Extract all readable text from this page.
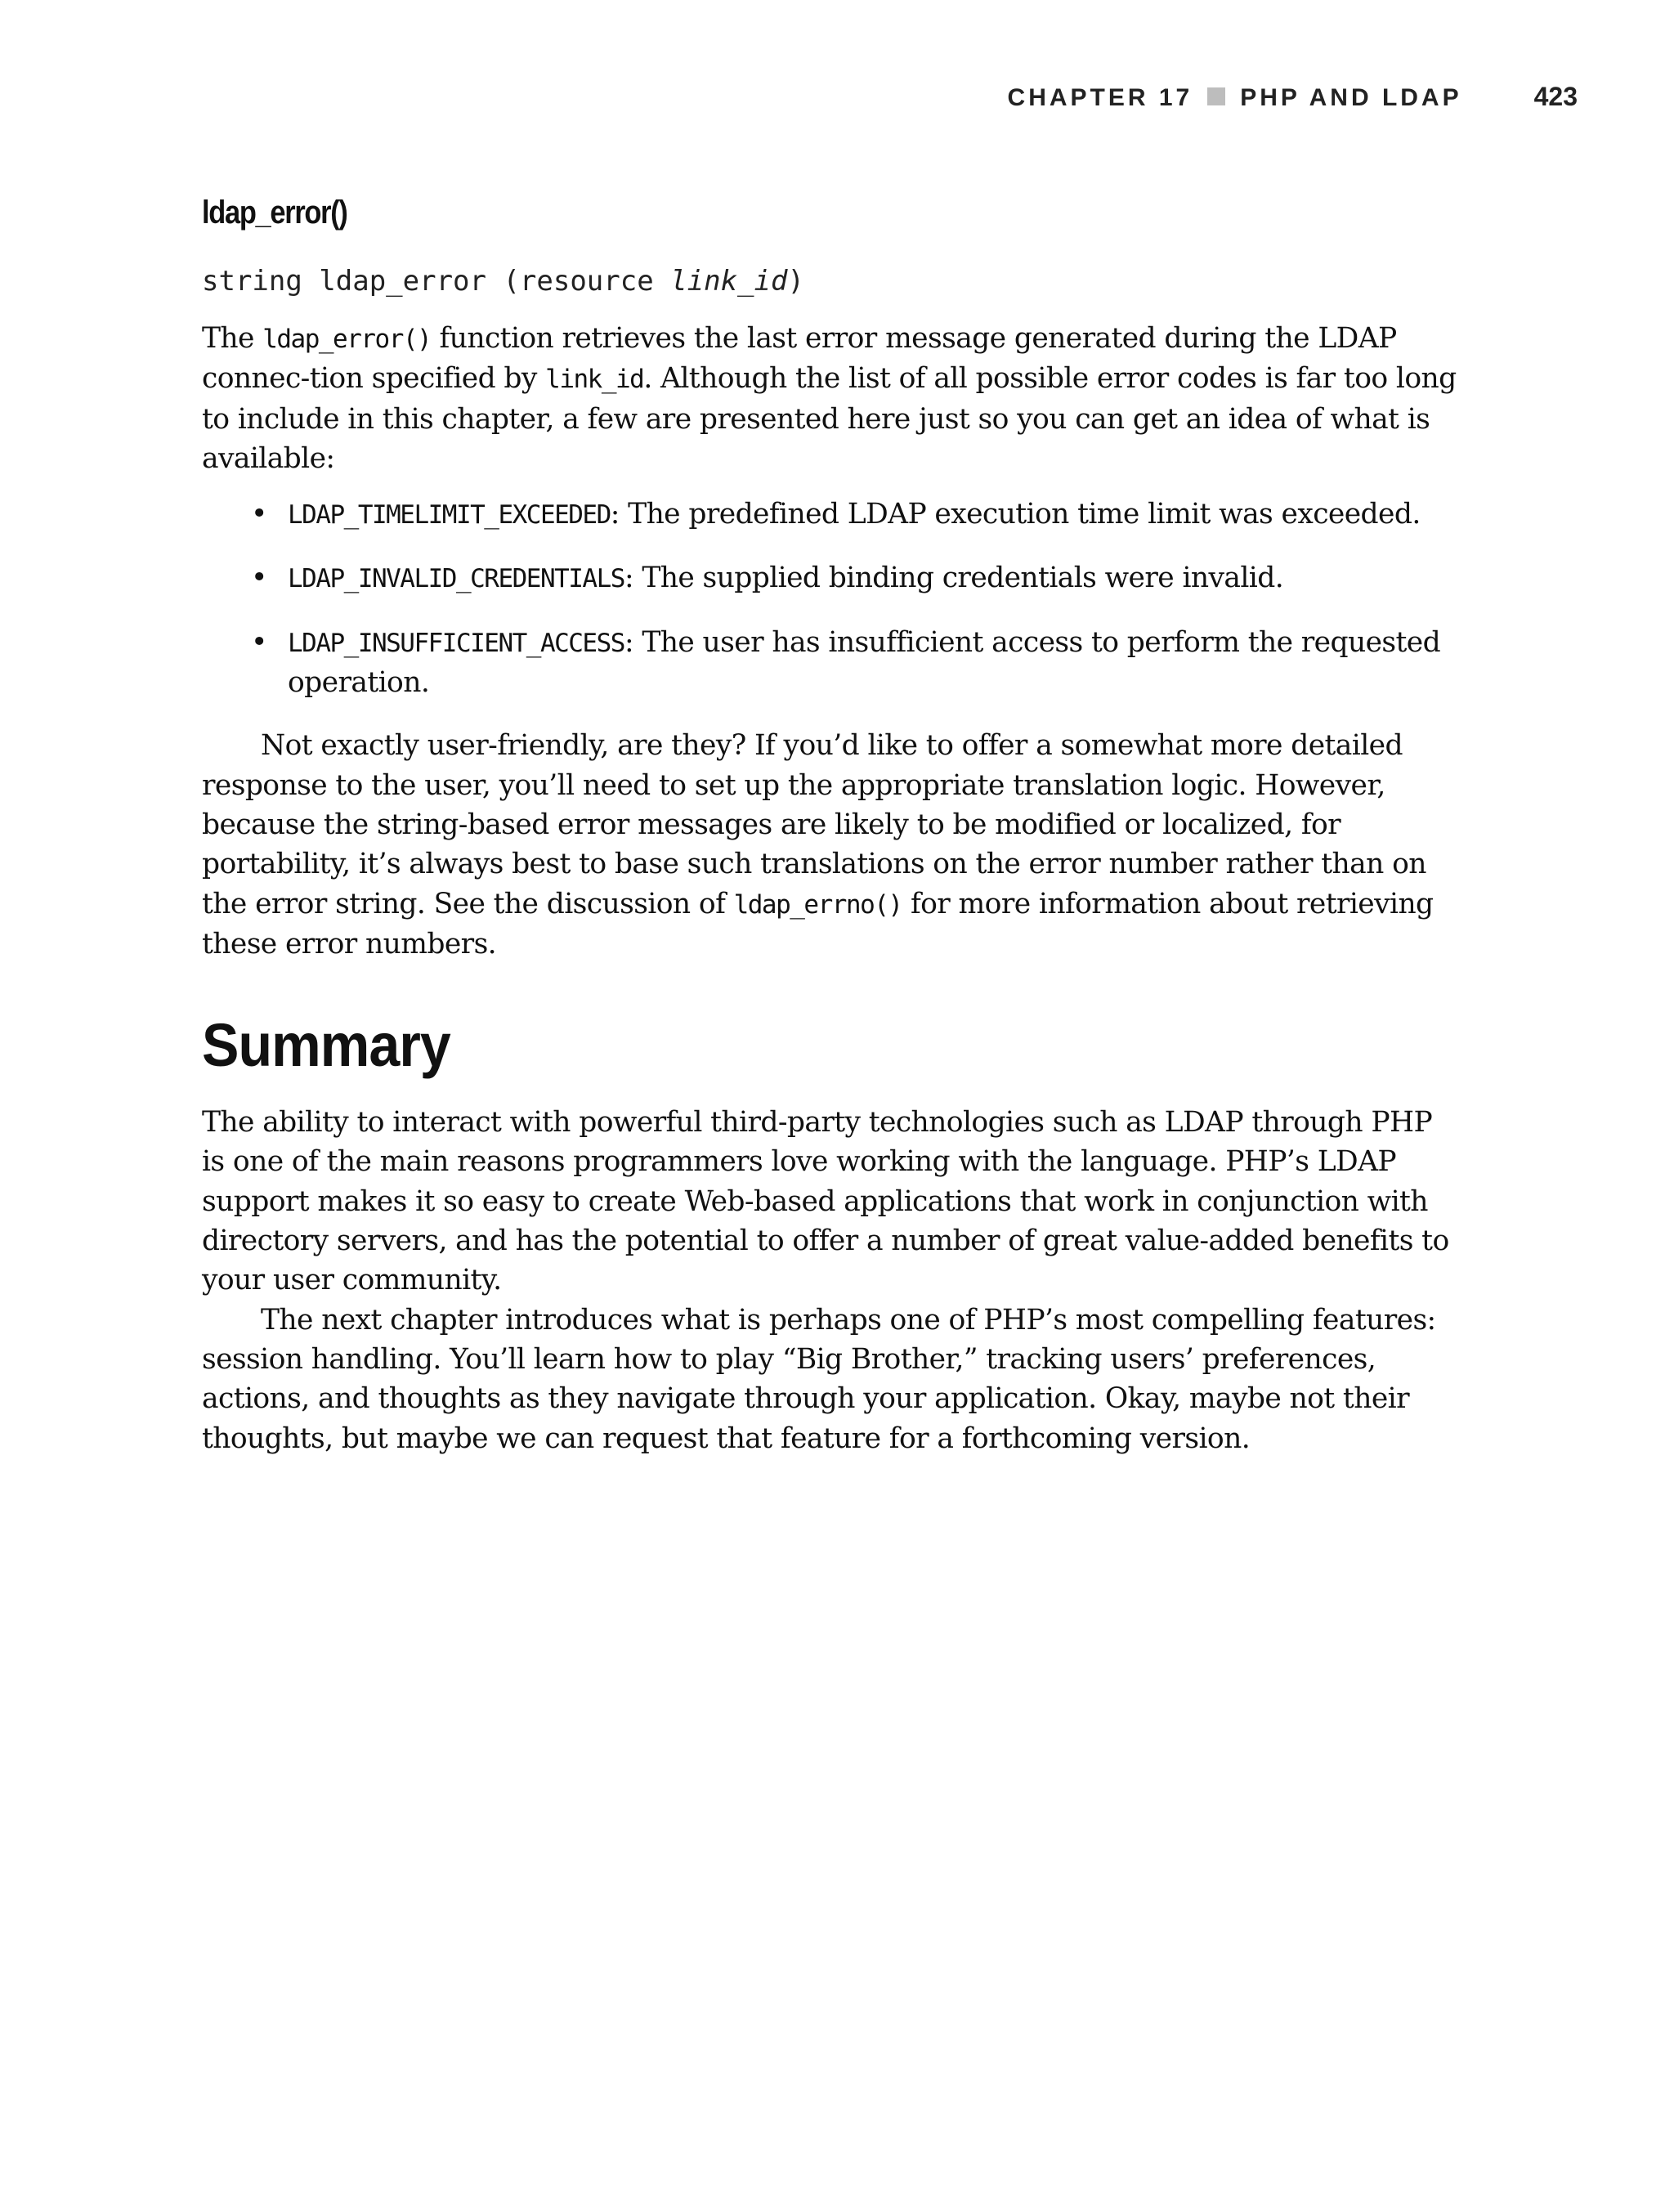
CHAPTER 17 PHP AND LDAP	423
ldap_error()
string ldap_error (resource link_id)

The ldap_error() function retrieves the last error message generated during the LDAP connec-tion specified by link_id. Although the list of all possible error codes is far too long to include in this chapter, a few are presented here just so you can get an idea of what is available:

• LDAP_TIMELIMIT_EXCEEDED: The predefined LDAP execution time limit was exceeded.
• LDAP_INVALID_CREDENTIALS: The supplied binding credentials were invalid.
• LDAP_INSUFFICIENT_ACCESS: The user has insufficient access to perform the requested operation.

Not exactly user-friendly, are they? If you’d like to offer a somewhat more detailed response to the user, you’ll need to set up the appropriate translation logic. However, because the string-based error messages are likely to be modified or localized, for portability, it’s always best to base such translations on the error number rather than on the error string. See the discussion of ldap_errno() for more information about retrieving these error numbers.

Summary

The ability to interact with powerful third-party technologies such as LDAP through PHP is one of the main reasons programmers love working with the language. PHP’s LDAP support makes it so easy to create Web-based applications that work in conjunction with directory servers, and has the potential to offer a number of great value-added benefits to your user community.

The next chapter introduces what is perhaps one of PHP’s most compelling features: session handling. You’ll learn how to play “Big Brother,” tracking users’ preferences, actions, and thoughts as they navigate through your application. Okay, maybe not their thoughts, but maybe we can request that feature for a forthcoming version.
